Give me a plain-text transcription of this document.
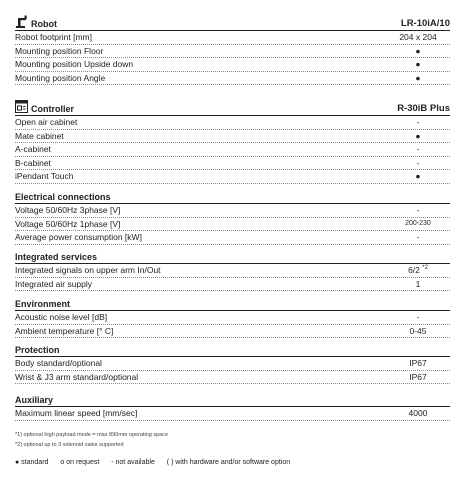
Robot	LR-10iA/10
Robot footprint [mm]	204 x 204
Mounting position Floor	●
Mounting position Upside down	●
Mounting position Angle	●
Controller	R-30iB Plus
Open air cabinet	-
Mate cabinet	●
A-cabinet	-
B-cabinet	-
iPendant Touch	●
Electrical connections
Voltage 50/60Hz 3phase [V]	-
Voltage 50/60Hz 1phase [V]	200-230
Average power consumption [kW]	-
Integrated services
Integrated signals on upper arm In/Out	6/2 $^{*2}$
Integrated air supply	1
Environment
Acoustic noise level [dB]	-
Ambient temperature [° C]	0-45
Protection
Body standard/optional	IP67
Wrist & J3 arm standard/optional	IP67
Auxiliary
Maximum linear speed [mm/sec]	4000
*1) optional high payload mode = max 890mm operating space
*2) optional up to 3 solenoid vales supported
● standard o on request - not available ( ) with hardware and/or software option
